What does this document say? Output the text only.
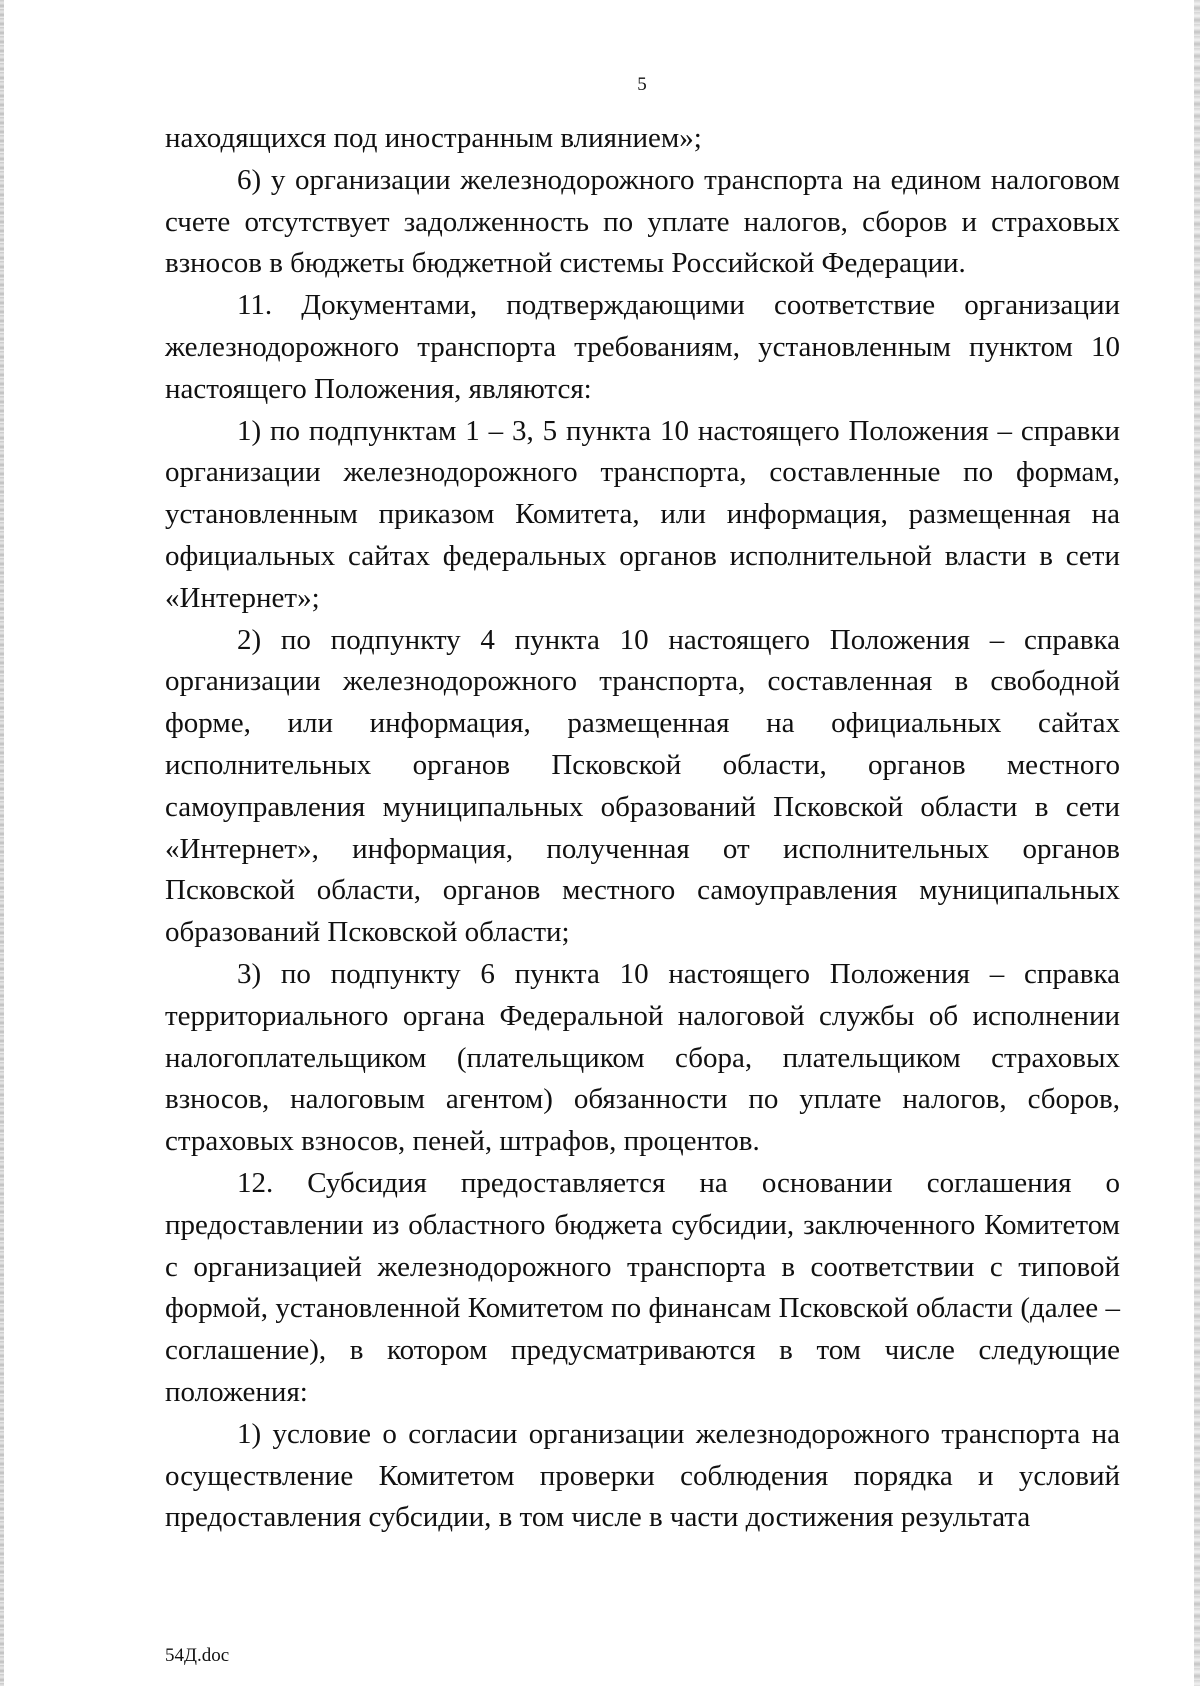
5

находящихся под иностранным влиянием»;

6) у организации железнодорожного транспорта на едином налоговом счете отсутствует задолженность по уплате налогов, сборов и страховых взносов в бюджеты бюджетной системы Российской Федерации.

11. Документами, подтверждающими соответствие организации железнодорожного транспорта требованиям, установленным пунктом 10 настоящего Положения, являются:

1) по подпунктам 1 – 3, 5 пункта 10 настоящего Положения – справки организации железнодорожного транспорта, составленные по формам, установленным приказом Комитета, или информация, размещенная на официальных сайтах федеральных органов исполнительной власти в сети «Интернет»;

2) по подпункту 4 пункта 10 настоящего Положения – справка организации железнодорожного транспорта, составленная в свободной форме, или информация, размещенная на официальных сайтах исполнительных органов Псковской области, органов местного самоуправления муниципальных образований Псковской области в сети «Интернет», информация, полученная от исполнительных органов Псковской области, органов местного самоуправления муниципальных образований Псковской области;

3) по подпункту 6 пункта 10 настоящего Положения – справка территориального органа Федеральной налоговой службы об исполнении налогоплательщиком (плательщиком сбора, плательщиком страховых взносов, налоговым агентом) обязанности по уплате налогов, сборов, страховых взносов, пеней, штрафов, процентов.

12. Субсидия предоставляется на основании соглашения о предоставлении из областного бюджета субсидии, заключенного Комитетом с организацией железнодорожного транспорта в соответствии с типовой формой, установленной Комитетом по финансам Псковской области (далее – соглашение), в котором предусматриваются в том числе следующие положения:

1) условие о согласии организации железнодорожного транспорта на осуществление Комитетом проверки соблюдения порядка и условий предоставления субсидии, в том числе в части достижения результата

54Д.doc
